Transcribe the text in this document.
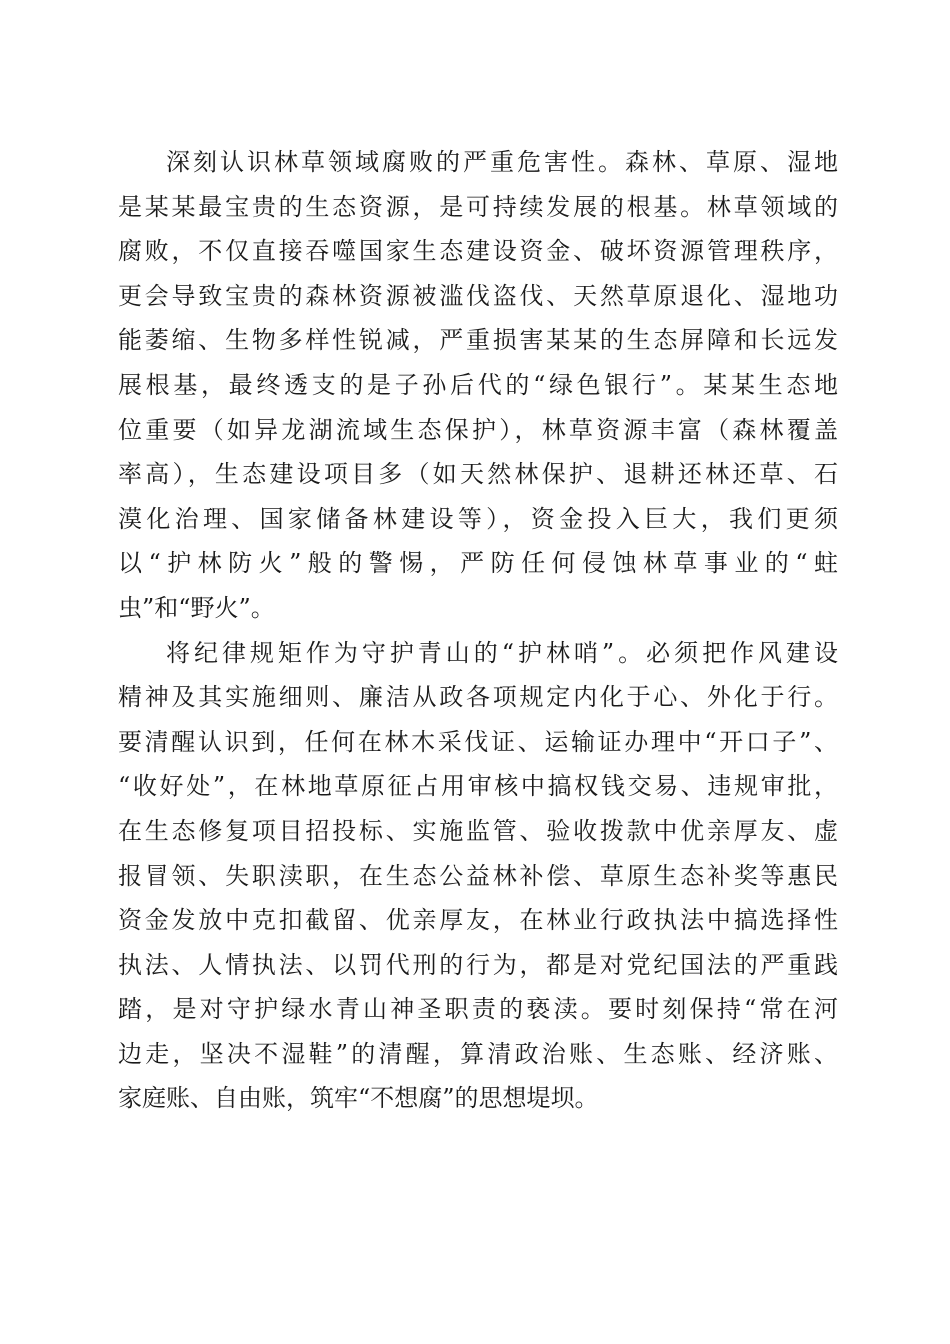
深刻认识林草领域腐败的严重危害性。森林、草原、湿地
是某某最宝贵的生态资源，是可持续发展的根基。林草领域的
腐败，不仅直接吞噬国家生态建设资金、破坏资源管理秩序，
更会导致宝贵的森林资源被滥伐盗伐、天然草原退化、湿地功
能萎缩、生物多样性锐减，严重损害某某的生态屏障和长远发
展根基，最终透支的是子孙后代的“绿色银行”。某某生态地
位重要（如异龙湖流域生态保护），林草资源丰富（森林覆盖
率高），生态建设项目多（如天然林保护、退耕还林还草、石
漠化治理、国家储备林建设等），资金投入巨大，我们更须
以“护林防火”般的警惕，严防任何侵蚀林草事业的“蛀
虫”和“野火”。
将纪律规矩作为守护青山的“护林哨”。必须把作风建设
精神及其实施细则、廉洁从政各项规定内化于心、外化于行。
要清醒认识到，任何在林木采伐证、运输证办理中“开口子”、
“收好处”，在林地草原征占用审核中搞权钱交易、违规审批，
在生态修复项目招投标、实施监管、验收拨款中优亲厚友、虚
报冒领、失职渎职，在生态公益林补偿、草原生态补奖等惠民
资金发放中克扣截留、优亲厚友，在林业行政执法中搞选择性
执法、人情执法、以罚代刑的行为，都是对党纪国法的严重践
踏，是对守护绿水青山神圣职责的亵渎。要时刻保持“常在河
边走，坚决不湿鞋”的清醒，算清政治账、生态账、经济账、
家庭账、自由账，筑牢“不想腐”的思想堤坝。
